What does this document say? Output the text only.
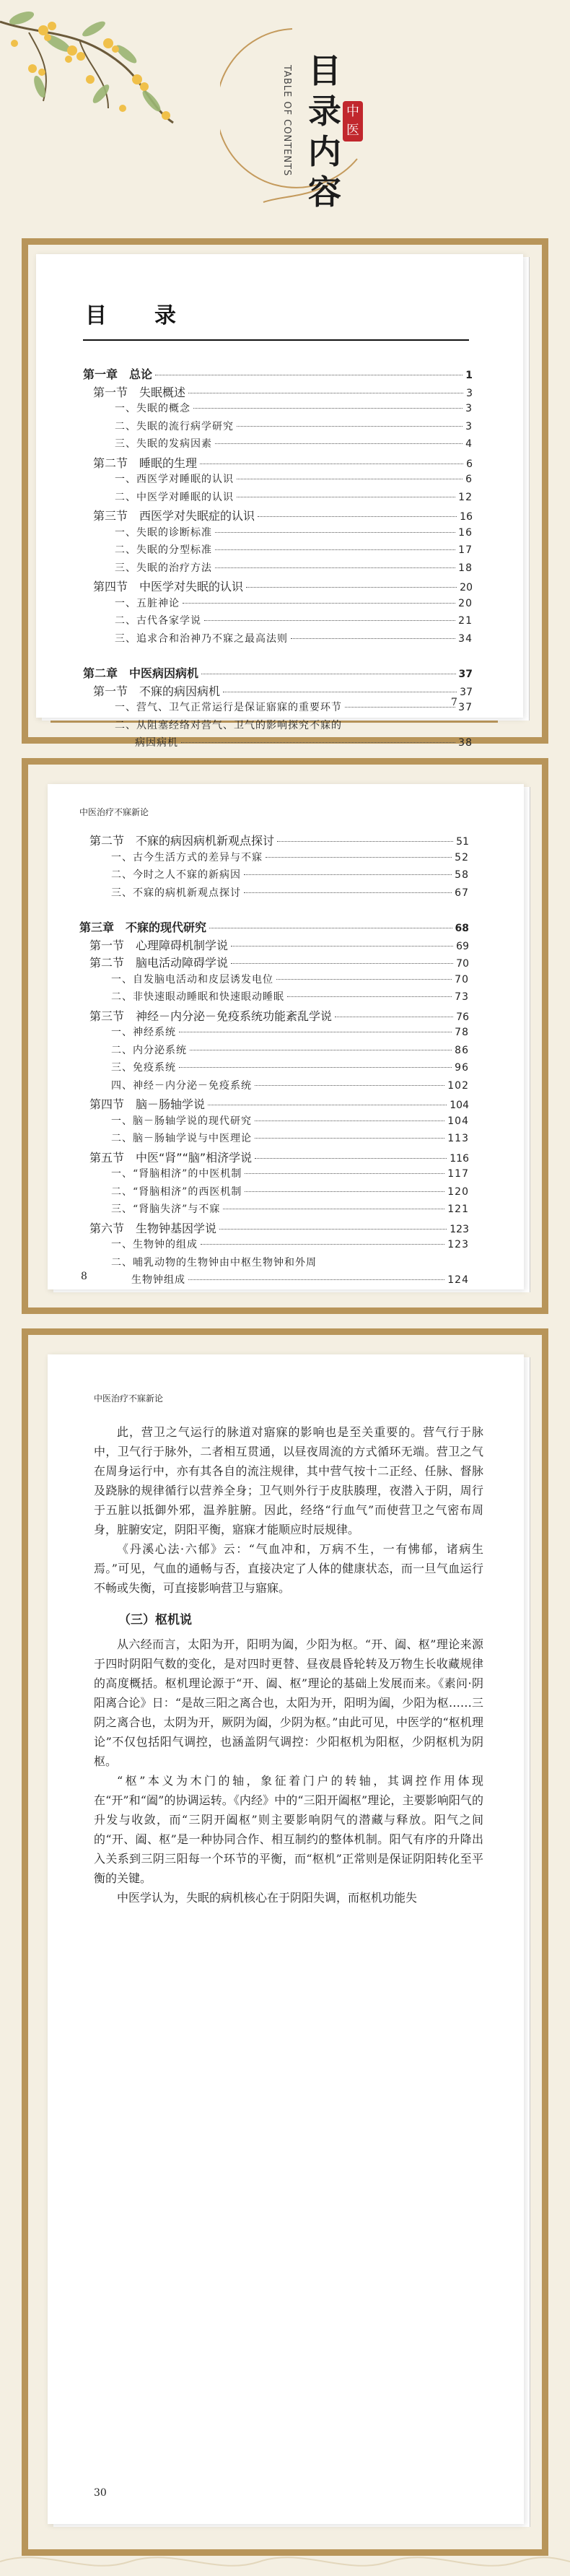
TABLE OF CONTENTS 目录内容
中医
目　录
第一章　总论	1
第一节　失眠概述	3
一、失眠的概念	3
二、失眠的流行病学研究	3
三、失眠的发病因素	4
第二节　睡眠的生理	6
一、西医学对睡眠的认识	6
二、中医学对睡眠的认识	12
第三节　西医学对失眠症的认识	16
一、失眠的诊断标准	16
二、失眠的分型标准	17
三、失眠的治疗方法	18
第四节　中医学对失眠的认识	20
一、五脏神论	20
二、古代各家学说	21
三、追求合和治神乃不寐之最高法则	34
第二章　中医病因病机	37
第一节　不寐的病因病机	37
一、营气、卫气正常运行是保证寤寐的重要环节	37
二、从阻塞经络对营气、卫气的影响探究不寐的
病因病机	38
7
中医治疗不寐新论
第二节　不寐的病因病机新观点探讨	51
一、古今生活方式的差异与不寐	52
二、今时之人不寐的新病因	58
三、不寐的病机新观点探讨	67
第三章　不寐的现代研究	68
第一节　心理障碍机制学说	69
第二节　脑电活动障碍学说	70
一、自发脑电活动和皮层诱发电位	70
二、非快速眼动睡眠和快速眼动睡眠	73
第三节　神经－内分泌－免疫系统功能紊乱学说	76
一、神经系统	78
二、内分泌系统	86
三、免疫系统	96
四、神经－内分泌－免疫系统	102
第四节　脑－肠轴学说	104
一、脑－肠轴学说的现代研究	104
二、脑－肠轴学说与中医理论	113
第五节　中医“肾”“脑”相济学说	116
一、“肾脑相济”的中医机制	117
二、“肾脑相济”的西医机制	120
三、“肾脑失济”与不寐	121
第六节　生物钟基因学说	123
一、生物钟的组成	123
二、哺乳动物的生物钟由中枢生物钟和外周
生物钟组成	124
8
中医治疗不寐新论

此，营卫之气运行的脉道对寤寐的影响也是至关重要的。营气行于脉中，卫气行于脉外，二者相互贯通，以昼夜周流的方式循环无端。营卫之气在周身运行中，亦有其各自的流注规律，其中营气按十二正经、任脉、督脉及跷脉的规律循行以营养全身；卫气则外行于皮肤腠理，夜潜入于阴，周行于五脏以抵御外邪，温养脏腑。因此，经络“行血气”而使营卫之气密布周身，脏腑安定，阴阳平衡，寤寐才能顺应时辰规律。

《丹溪心法·六郁》云：“气血冲和，万病不生，一有怫郁，诸病生焉。”可见，气血的通畅与否，直接决定了人体的健康状态，而一旦气血运行不畅或失衡，可直接影响营卫与寤寐。

（三）枢机说

从六经而言，太阳为开，阳明为阖，少阳为枢。“开、阖、枢”理论来源于四时阴阳气数的变化，是对四时更替、昼夜晨昏轮转及万物生长收藏规律的高度概括。枢机理论源于“开、阖、枢”理论的基础上发展而来。《素问·阴阳离合论》日：“是故三阳之离合也，太阳为开，阳明为阖，少阳为枢……三阴之离合也，太阴为开，厥阴为阖，少阴为枢。”由此可见，中医学的“枢机理论”不仅包括阳气调控，也涵盖阴气调控：少阳枢机为阳枢，少阴枢机为阴枢。

“枢”本义为木门的轴，象征着门户的转轴，其调控作用体现在“开”和“阖”的协调运转。《内经》中的“三阳开阖枢”理论，主要影响阳气的升发与收敛，而“三阴开阖枢”则主要影响阴气的潜藏与释放。阳气之间的“开、阖、枢”是一种协同合作、相互制约的整体机制。阳气有序的升降出入关系到三阴三阳每一个环节的平衡，而“枢机”正常则是保证阴阳转化至平衡的关键。

中医学认为，失眠的病机核心在于阴阳失调，而枢机功能失

30
